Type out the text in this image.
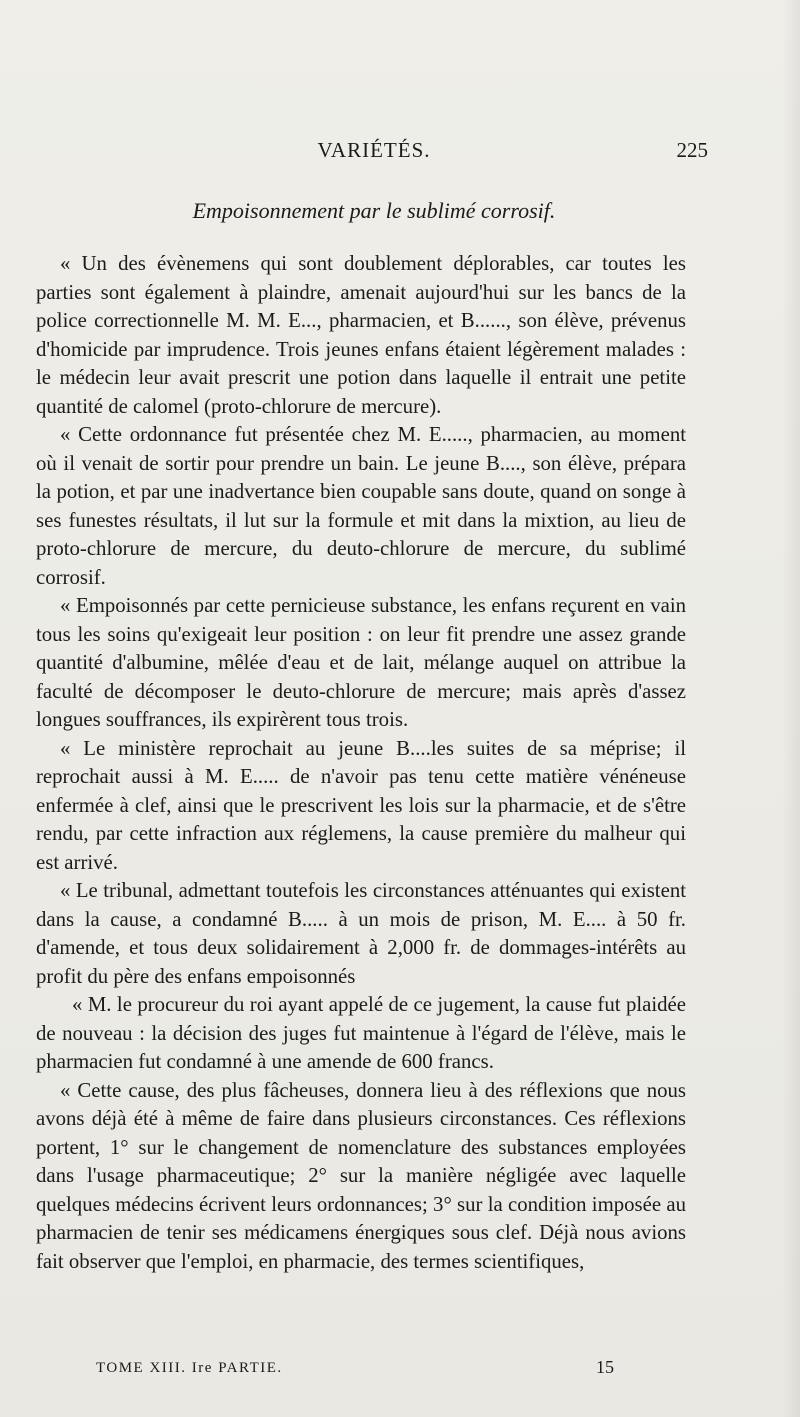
VARIÉTÉS.	225
Empoisonnement par le sublimé corrosif.

« Un des évènemens qui sont doublement déplorables, car toutes les parties sont également à plaindre, amenait aujourd'hui sur les bancs de la police correctionnelle M. M. E..., pharmacien, et B......, son élève, prévenus d'homicide par imprudence. Trois jeunes enfans étaient légèrement malades : le médecin leur avait prescrit une potion dans laquelle il entrait une petite quantité de calomel (proto-chlorure de mercure).

« Cette ordonnance fut présentée chez M. E....., pharmacien, au moment où il venait de sortir pour prendre un bain. Le jeune B...., son élève, prépara la potion, et par une inadvertance bien coupable sans doute, quand on songe à ses funestes résultats, il lut sur la formule et mit dans la mixtion, au lieu de proto-chlorure de mercure, du deuto-chlorure de mercure, du sublimé corrosif.

« Empoisonnés par cette pernicieuse substance, les enfans reçurent en vain tous les soins qu'exigeait leur position : on leur fit prendre une assez grande quantité d'albumine, mêlée d'eau et de lait, mélange auquel on attribue la faculté de décomposer le deuto-chlorure de mercure; mais après d'assez longues souffrances, ils expirèrent tous trois.

« Le ministère reprochait au jeune B....les suites de sa méprise; il reprochait aussi à M. E..... de n'avoir pas tenu cette matière vénéneuse enfermée à clef, ainsi que le prescrivent les lois sur la pharmacie, et de s'être rendu, par cette infraction aux réglemens, la cause première du malheur qui est arrivé.

« Le tribunal, admettant toutefois les circonstances atténuantes qui existent dans la cause, a condamné B..... à un mois de prison, M. E.... à 50 fr. d'amende, et tous deux solidairement à 2,000 fr. de dommages-intérêts au profit du père des enfans empoisonnés

« M. le procureur du roi ayant appelé de ce jugement, la cause fut plaidée de nouveau : la décision des juges fut maintenue à l'égard de l'élève, mais le pharmacien fut condamné à une amende de 600 francs.

« Cette cause, des plus fâcheuses, donnera lieu à des réflexions que nous avons déjà été à même de faire dans plusieurs circonstances. Ces réflexions portent, 1° sur le changement de nomenclature des substances employées dans l'usage pharmaceutique; 2° sur la manière négligée avec laquelle quelques médecins écrivent leurs ordonnances; 3° sur la condition imposée au pharmacien de tenir ses médicamens énergiques sous clef. Déjà nous avions fait observer que l'emploi, en pharmacie, des termes scientifiques,

TOME XIII. Ire PARTIE.	15
